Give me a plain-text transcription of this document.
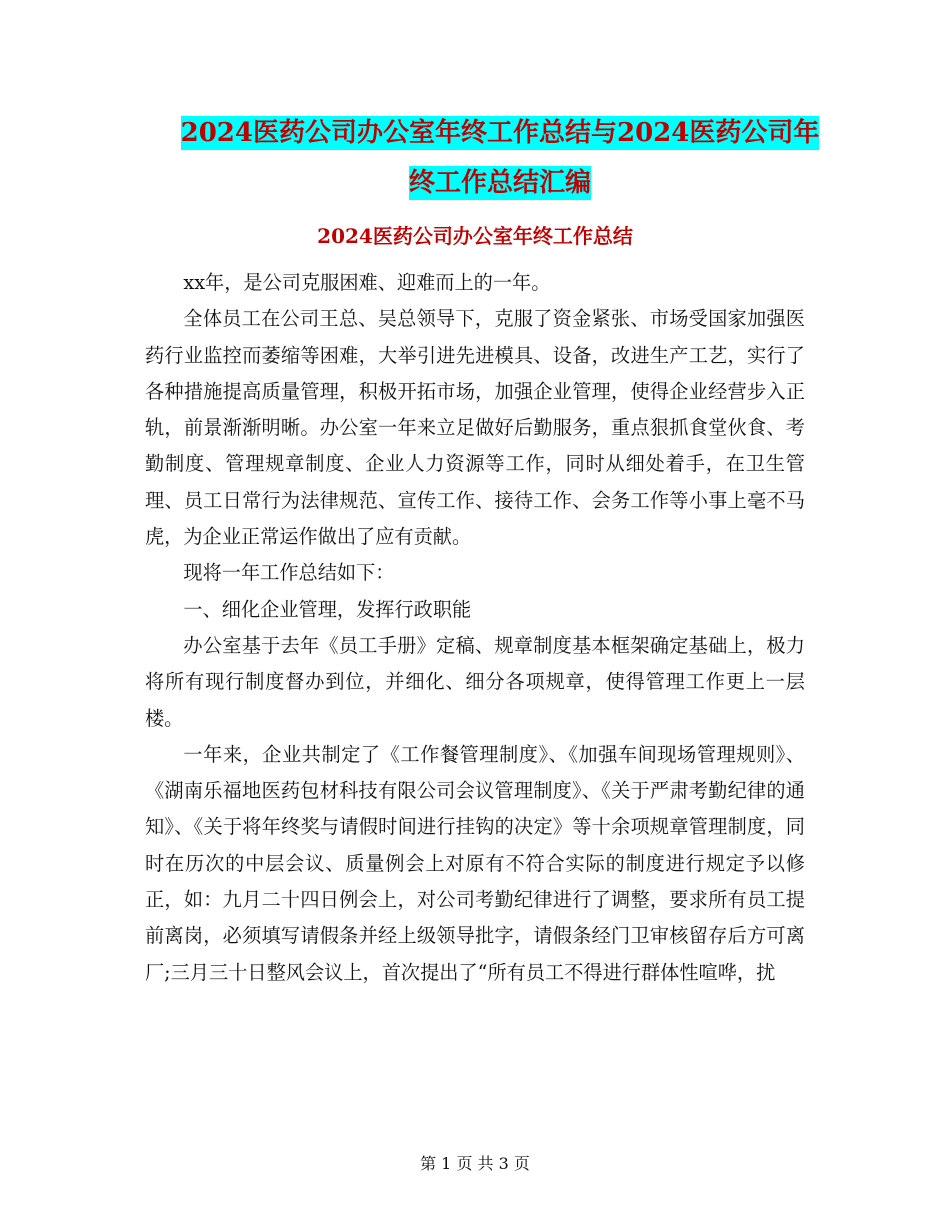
2024医药公司办公室年终工作总结与2024医药公司年
终工作总结汇编
2024医药公司办公室年终工作总结

xx年，是公司克服困难、迎难而上的一年。

全体员工在公司王总、吴总领导下，克服了资金紧张、市场受国家加强医药行业监控而萎缩等困难，大举引进先进模具、设备，改进生产工艺，实行了各种措施提高质量管理，积极开拓市场，加强企业管理，使得企业经营步入正轨，前景渐渐明晰。办公室一年来立足做好后勤服务，重点狠抓食堂伙食、考勤制度、管理规章制度、企业人力资源等工作，同时从细处着手，在卫生管理、员工日常行为法律规范、宣传工作、接待工作、会务工作等小事上毫不马虎，为企业正常运作做出了应有贡献。

现将一年工作总结如下：

一、细化企业管理，发挥行政职能

办公室基于去年《员工手册》定稿、规章制度基本框架确定基础上，极力将所有现行制度督办到位，并细化、细分各项规章，使得管理工作更上一层楼。

一年来，企业共制定了《工作餐管理制度》、《加强车间现场管理规则》、《湖南乐福地医药包材科技有限公司会议管理制度》、《关于严肃考勤纪律的通知》、《关于将年终奖与请假时间进行挂钩的决定》等十余项规章管理制度，同时在历次的中层会议、质量例会上对原有不符合实际的制度进行规定予以修正，如：九月二十四日例会上，对公司考勤纪律进行了调整，要求所有员工提前离岗，必须填写请假条并经上级领导批字，请假条经门卫审核留存后方可离厂;三月三十日整风会议上，首次提出了“所有员工不得进行群体性喧哗，扰

第 1 页 共 3 页
